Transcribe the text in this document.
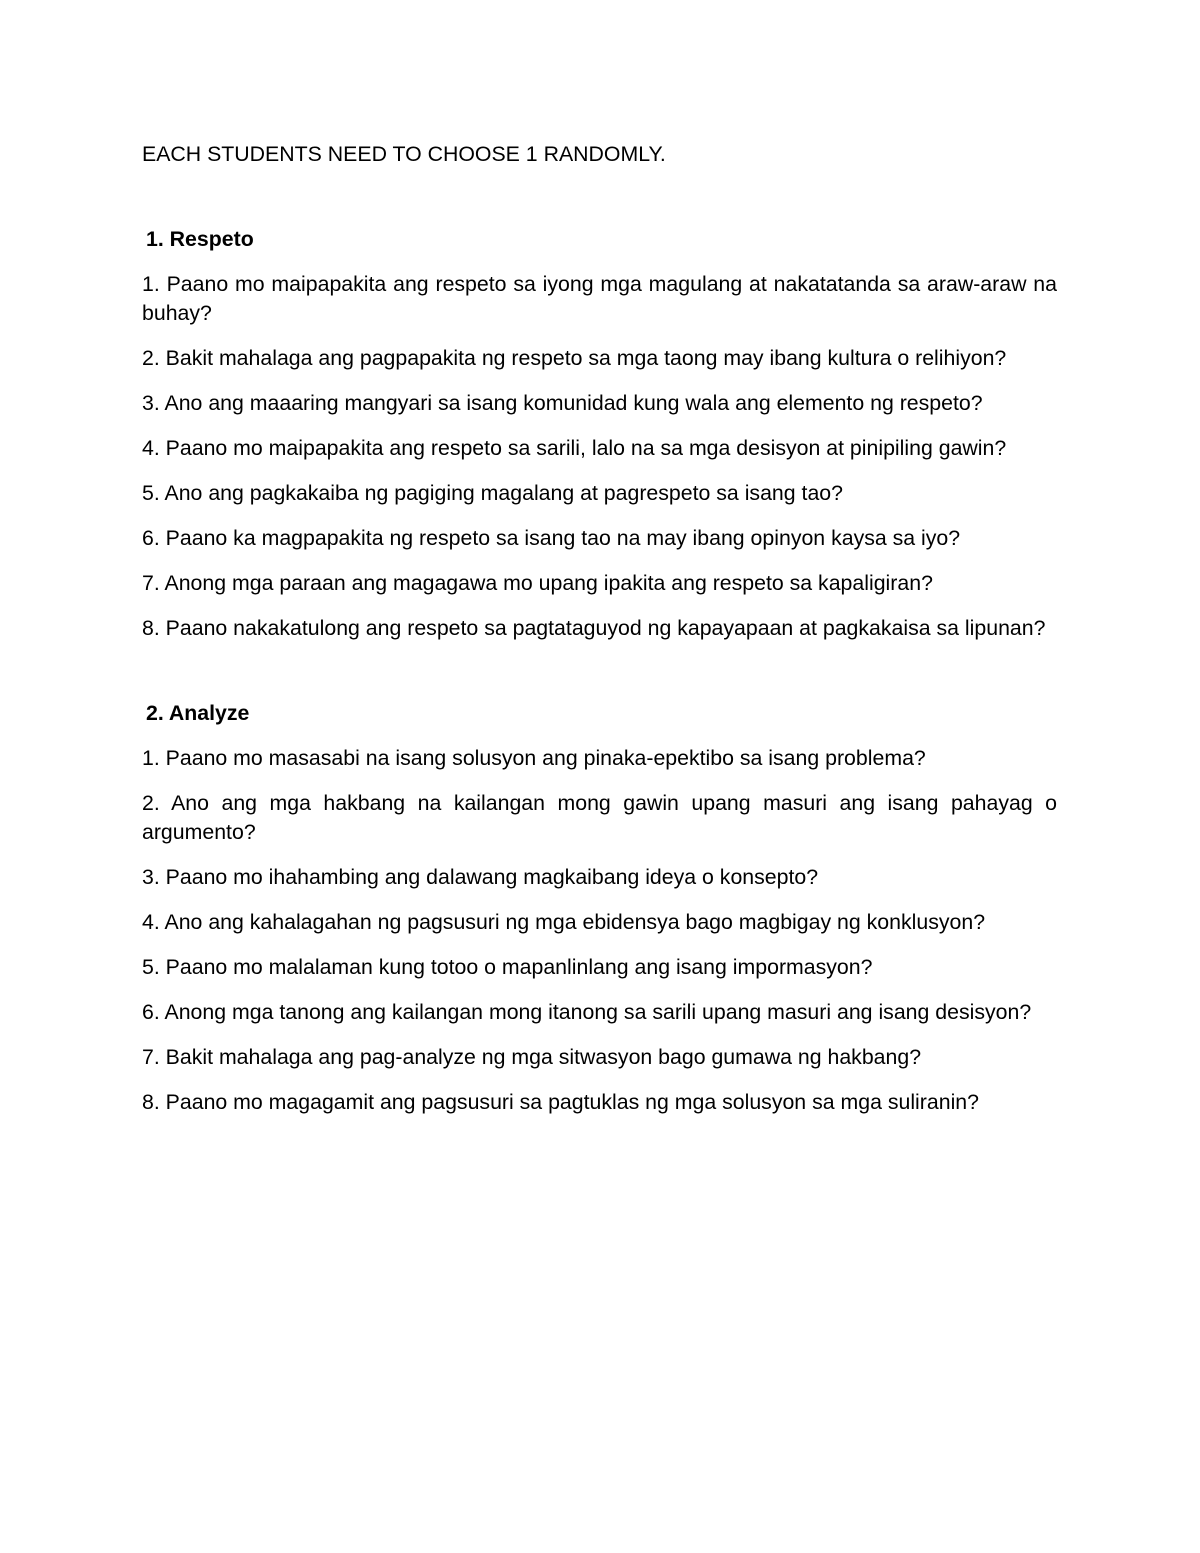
EACH STUDENTS NEED TO CHOOSE 1 RANDOMLY.

1. Respeto

1. Paano mo maipapakita ang respeto sa iyong mga magulang at nakatatanda sa araw-araw na buhay?

2. Bakit mahalaga ang pagpapakita ng respeto sa mga taong may ibang kultura o relihiyon?

3. Ano ang maaaring mangyari sa isang komunidad kung wala ang elemento ng respeto?

4. Paano mo maipapakita ang respeto sa sarili, lalo na sa mga desisyon at pinipiling gawin?

5. Ano ang pagkakaiba ng pagiging magalang at pagrespeto sa isang tao?

6. Paano ka magpapakita ng respeto sa isang tao na may ibang opinyon kaysa sa iyo?

7. Anong mga paraan ang magagawa mo upang ipakita ang respeto sa kapaligiran?

8. Paano nakakatulong ang respeto sa pagtataguyod ng kapayapaan at pagkakaisa sa lipunan?

2. Analyze

1. Paano mo masasabi na isang solusyon ang pinaka-epektibo sa isang problema?

2. Ano ang mga hakbang na kailangan mong gawin upang masuri ang isang pahayag o argumento?

3. Paano mo ihahambing ang dalawang magkaibang ideya o konsepto?

4. Ano ang kahalagahan ng pagsusuri ng mga ebidensya bago magbigay ng konklusyon?

5. Paano mo malalaman kung totoo o mapanlinlang ang isang impormasyon?

6. Anong mga tanong ang kailangan mong itanong sa sarili upang masuri ang isang desisyon?

7. Bakit mahalaga ang pag-analyze ng mga sitwasyon bago gumawa ng hakbang?

8. Paano mo magagamit ang pagsusuri sa pagtuklas ng mga solusyon sa mga suliranin?
